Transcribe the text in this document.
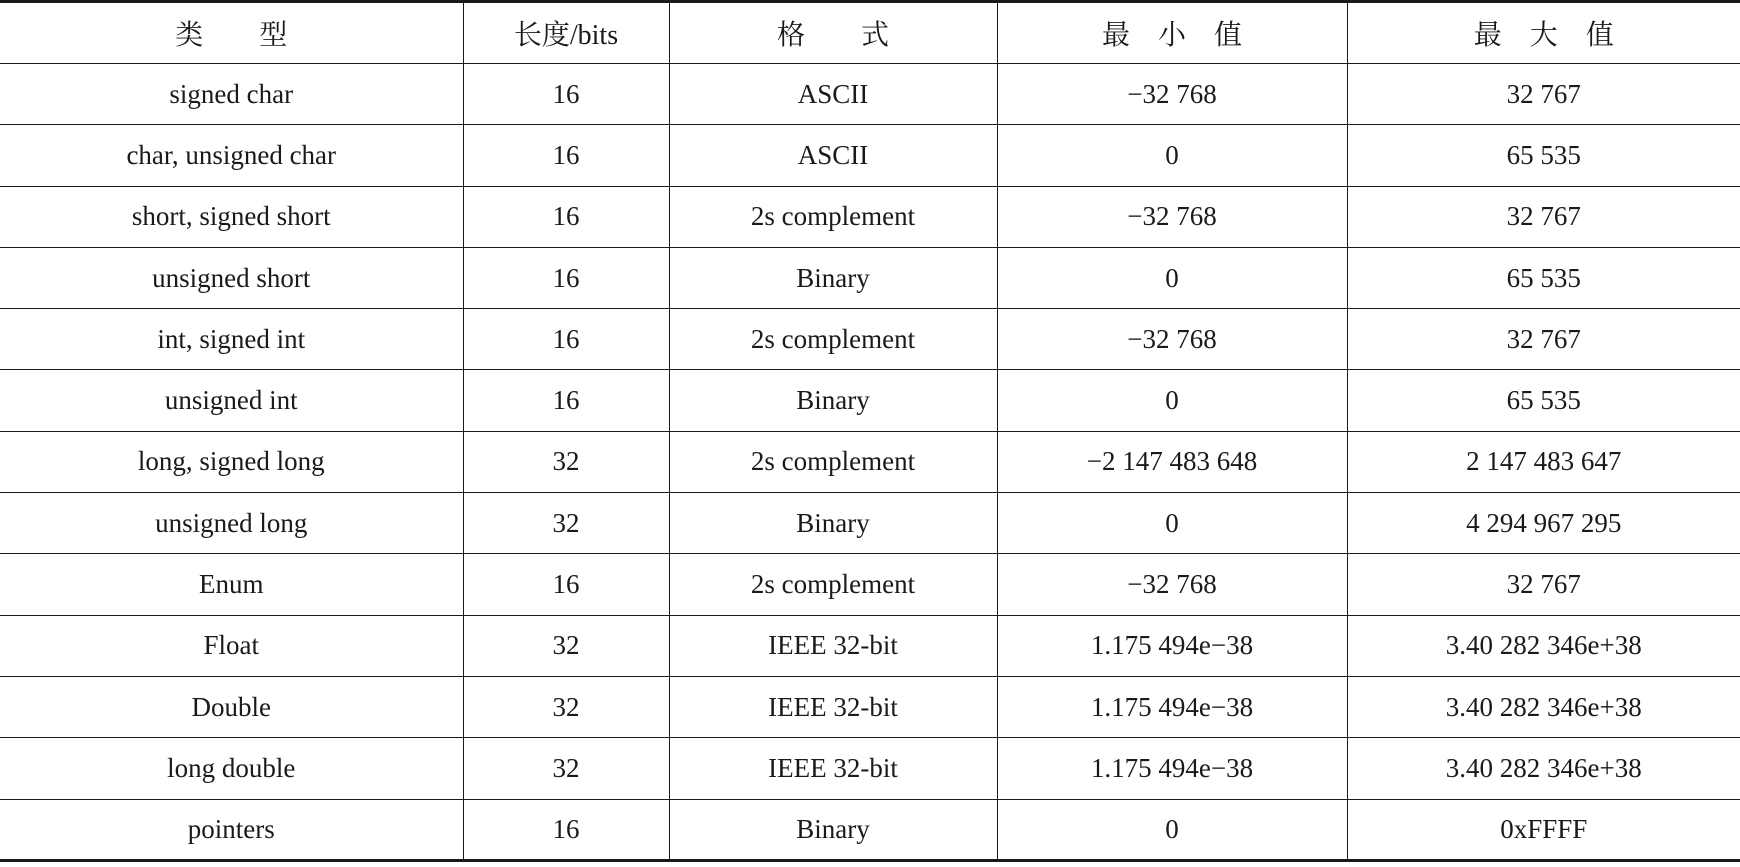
类　　型	长度/bits	格　　式	最　小　值	最　大　值
signed char	16	ASCII	−32 768	32 767
char, unsigned char	16	ASCII	0	65 535
short, signed short	16	2s complement	−32 768	32 767
unsigned short	16	Binary	0	65 535
int, signed int	16	2s complement	−32 768	32 767
unsigned int	16	Binary	0	65 535
long, signed long	32	2s complement	−2 147 483 648	2 147 483 647
unsigned long	32	Binary	0	4 294 967 295
Enum	16	2s complement	−32 768	32 767
Float	32	IEEE 32-bit	1.175 494e−38	3.40 282 346e+38
Double	32	IEEE 32-bit	1.175 494e−38	3.40 282 346e+38
long double	32	IEEE 32-bit	1.175 494e−38	3.40 282 346e+38
pointers	16	Binary	0	0xFFFF
